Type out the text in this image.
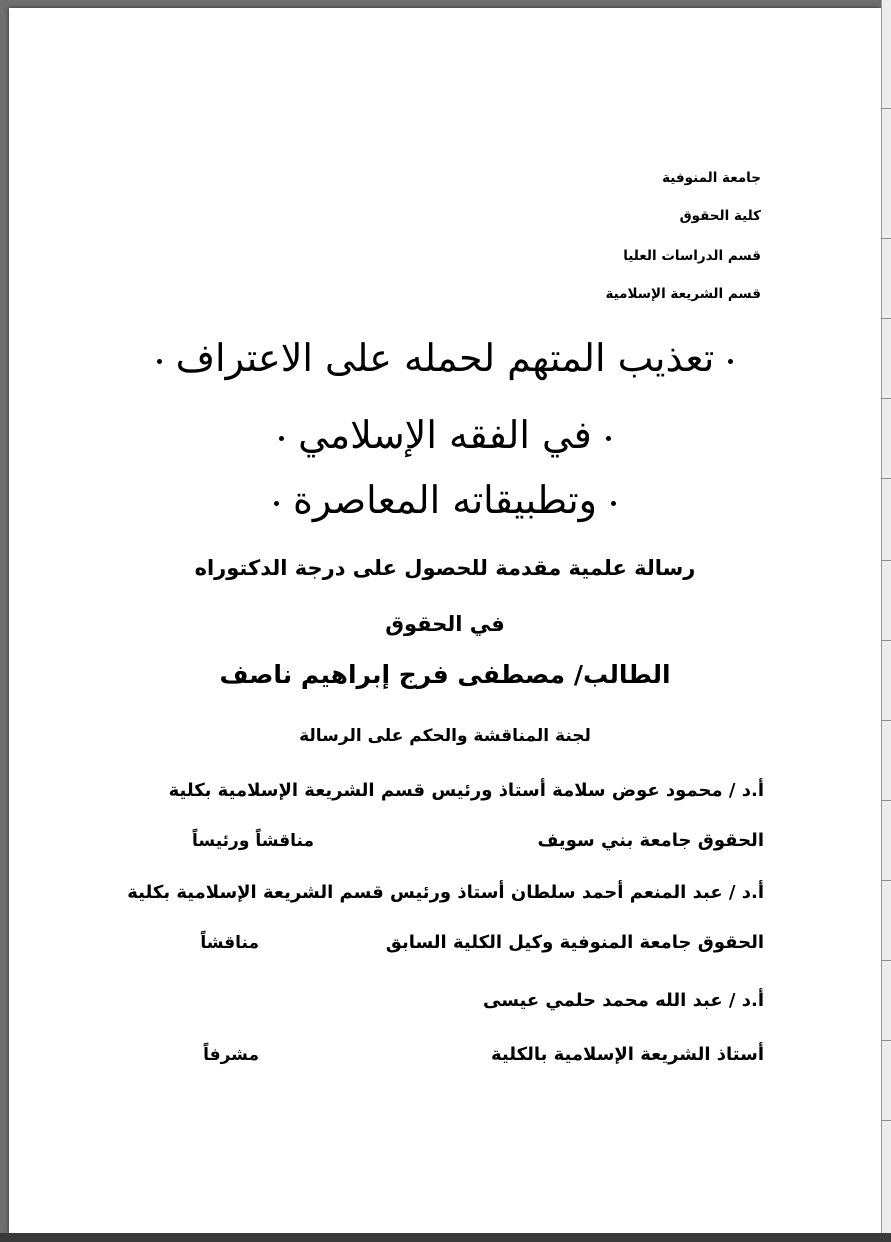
جامعة المنوفية
كلية الحقوق
قسم الدراسات العليا
قسم الشريعة الإسلامية
تعذيب المتهم لحمله على الاعتراف
في الفقه الإسلامي
وتطبيقاته المعاصرة
رسالة علمية مقدمة للحصول على درجة الدكتوراه
في الحقوق
الطالب/ مصطفى فرج إبراهيم ناصف
لجنة المناقشة والحكم على الرسالة
أ.د / محمود عوض سلامة أستاذ ورئيس قسم الشريعة الإسلامية بكلية
الحقوق جامعة بني سويف
مناقشاً ورئيساً
أ.د / عبد المنعم أحمد سلطان أستاذ ورئيس قسم الشريعة الإسلامية بكلية
الحقوق جامعة المنوفية وكيل الكلية السابق
مناقشاً
أ.د / عبد الله محمد حلمي عيسى
أستاذ الشريعة الإسلامية بالكلية
مشرفاً
